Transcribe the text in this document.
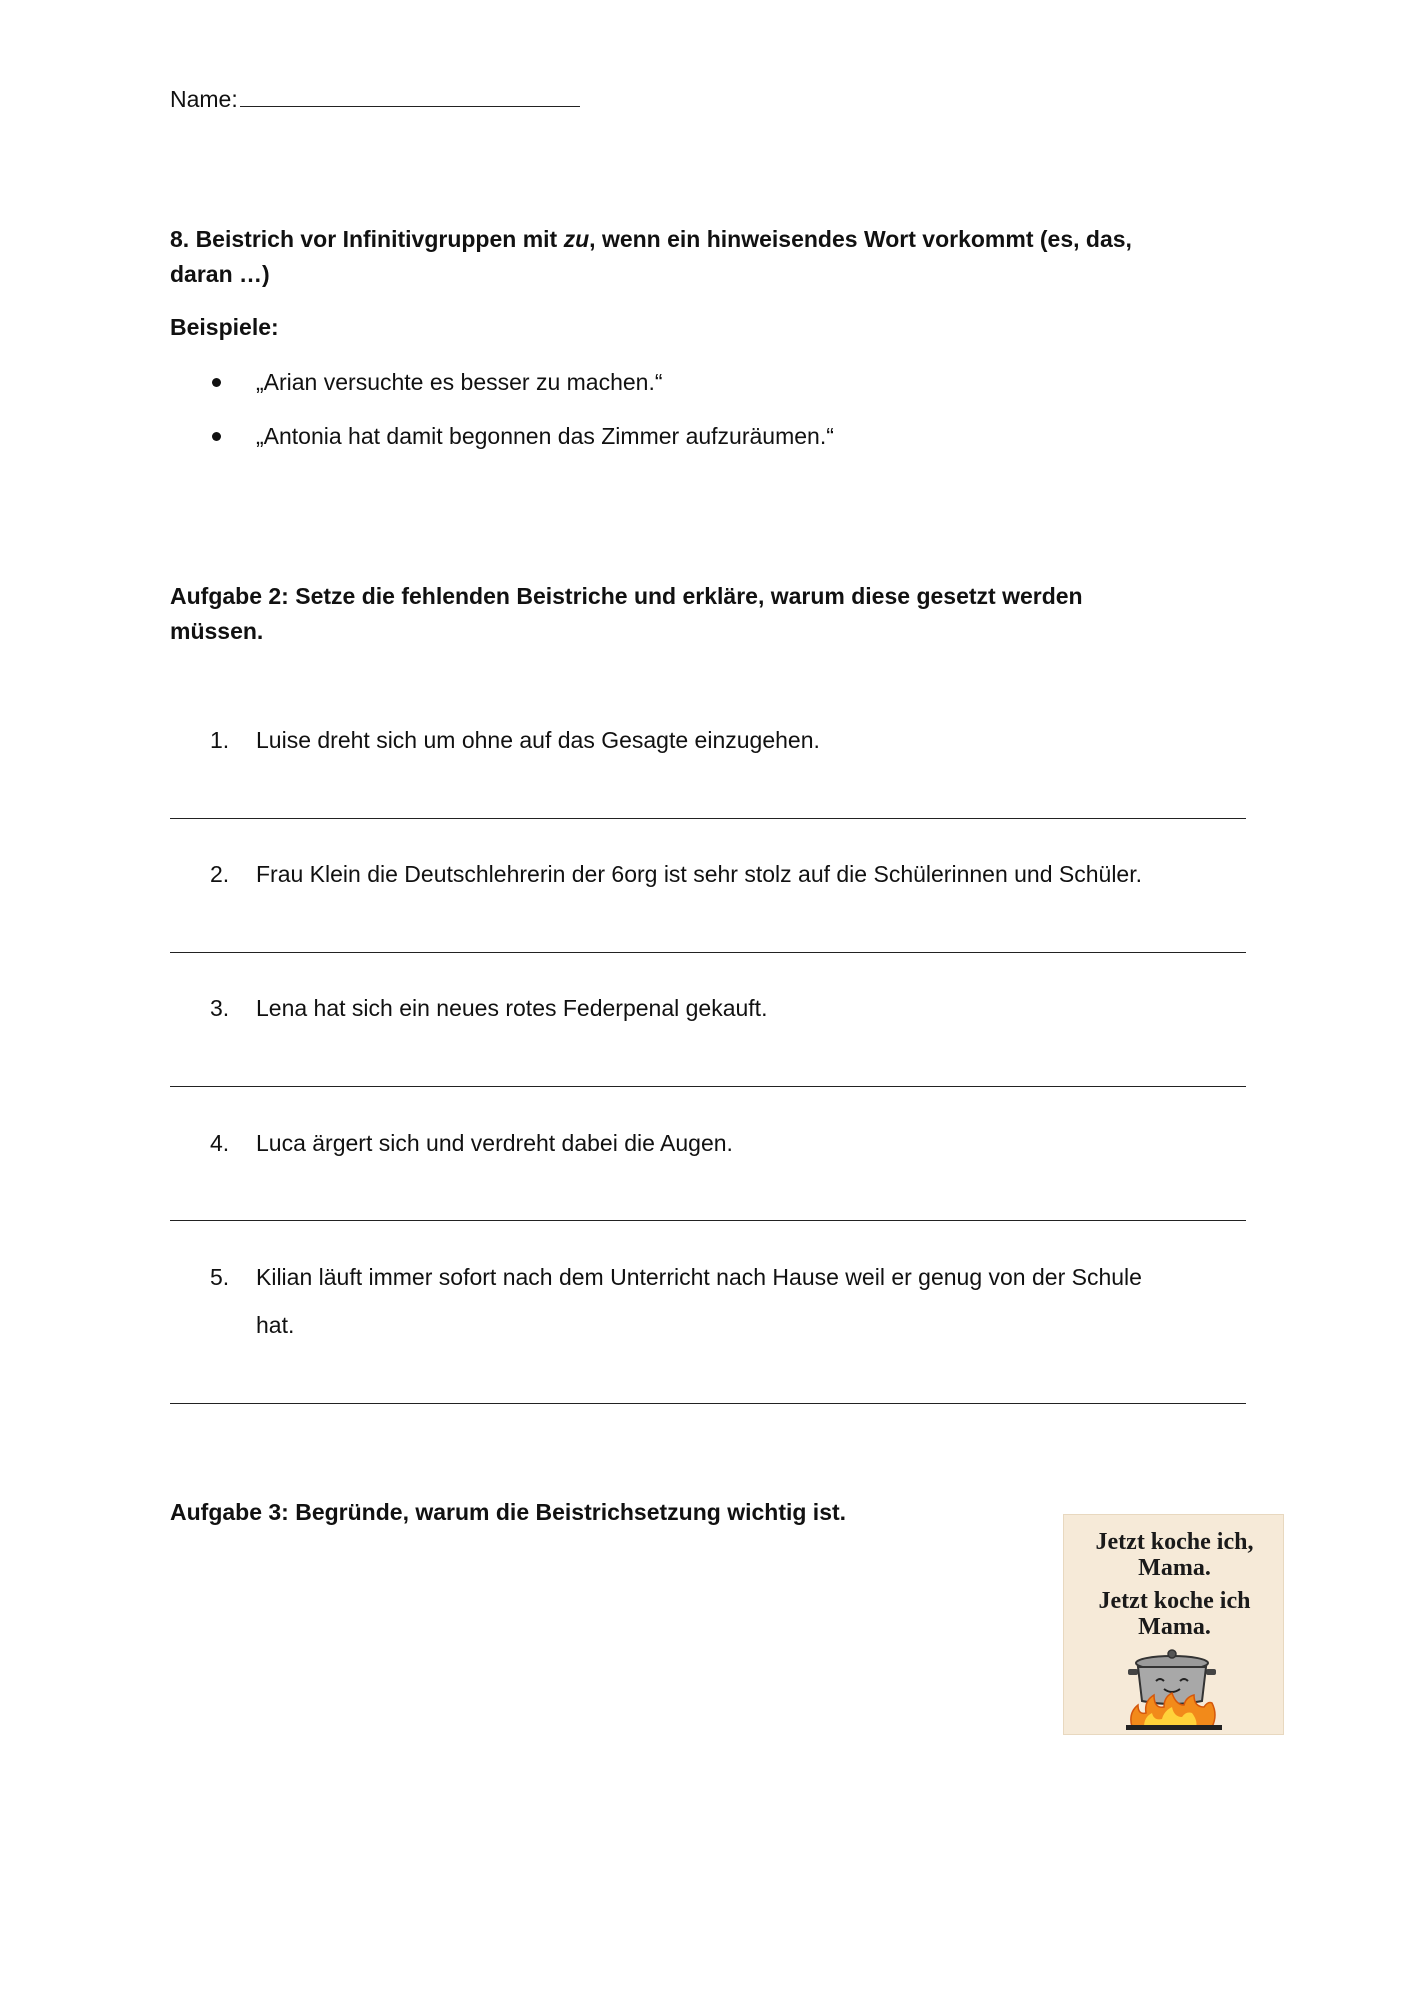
Name:
8. Beistrich vor Infinitivgruppen mit zu, wenn ein hinweisendes Wort vorkommt (es, das,
daran …)
Beispiele:
„Arian versuchte es besser zu machen.“
„Antonia hat damit begonnen das Zimmer aufzuräumen.“
Aufgabe 2: Setze die fehlenden Beistriche und erkläre, warum diese gesetzt werden
müssen.
1.	Luise dreht sich um ohne auf das Gesagte einzugehen.
2.	Frau Klein die Deutschlehrerin der 6org ist sehr stolz auf die Schülerinnen und Schüler.
3.	Lena hat sich ein neues rotes Federpenal gekauft.
4.	Luca ärgert sich und verdreht dabei die Augen.
5.	Kilian läuft immer sofort nach dem Unterricht nach Hause weil er genug von der Schule
hat.
Aufgabe 3: Begründe, warum die Beistrichsetzung wichtig ist.
Jetzt koche ich,
Mama.
Jetzt koche ich
Mama.
